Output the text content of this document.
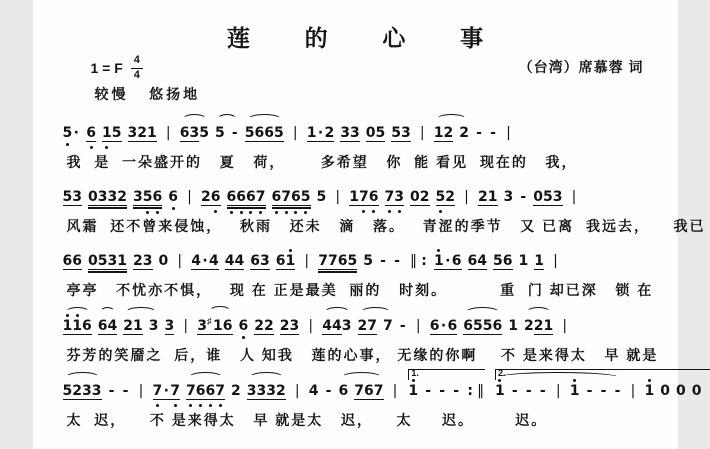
莲  的  心  事
1 = F $\frac{4}{4}$	（台湾）席慕蓉 词
较慢   悠扬地
5· 6 15 321 | 635 5 - 5665 | 1·2 33 05 53 | 12 2 - - |
我  是  一朵盛开的   夏   荷，      多希望   你  能 看见  现在的   我，
53 0332 356 6 | 26 6667 6765 5 | 176 73 02 52 | 21 3 - 053 |
风霜  还不曾来侵蚀，   秋雨   还未   滴   落。   青涩的季节   又 已离  我远去，    我已
66 0531 23 0 | 4·4 44 63 61 | 7765 5 - - ‖ : 1·6 64 56 1 1 |
亭亭   不忧亦不惧，   现 在 正是最美  丽的   时刻。         重  门 却已深   锁 在
116 64 21 3 3 | 3♯ 16 6 22 23 | 443 27 7 - | 6·6 6556 1 221 |
芬芳的笑靥之  后，谁   人 知我   莲的心事， 无缘的你啊    不 是来得太   早 就是
5233 - - | 7·7 7667 2 3332 | 4 - 6 767 |
1.
1 - - - : ‖
2.
1 - - - | 1 - - - | 1 0 0 0
太  迟，    不 是来得太   早 就是太   迟，    太     迟。       迟。
